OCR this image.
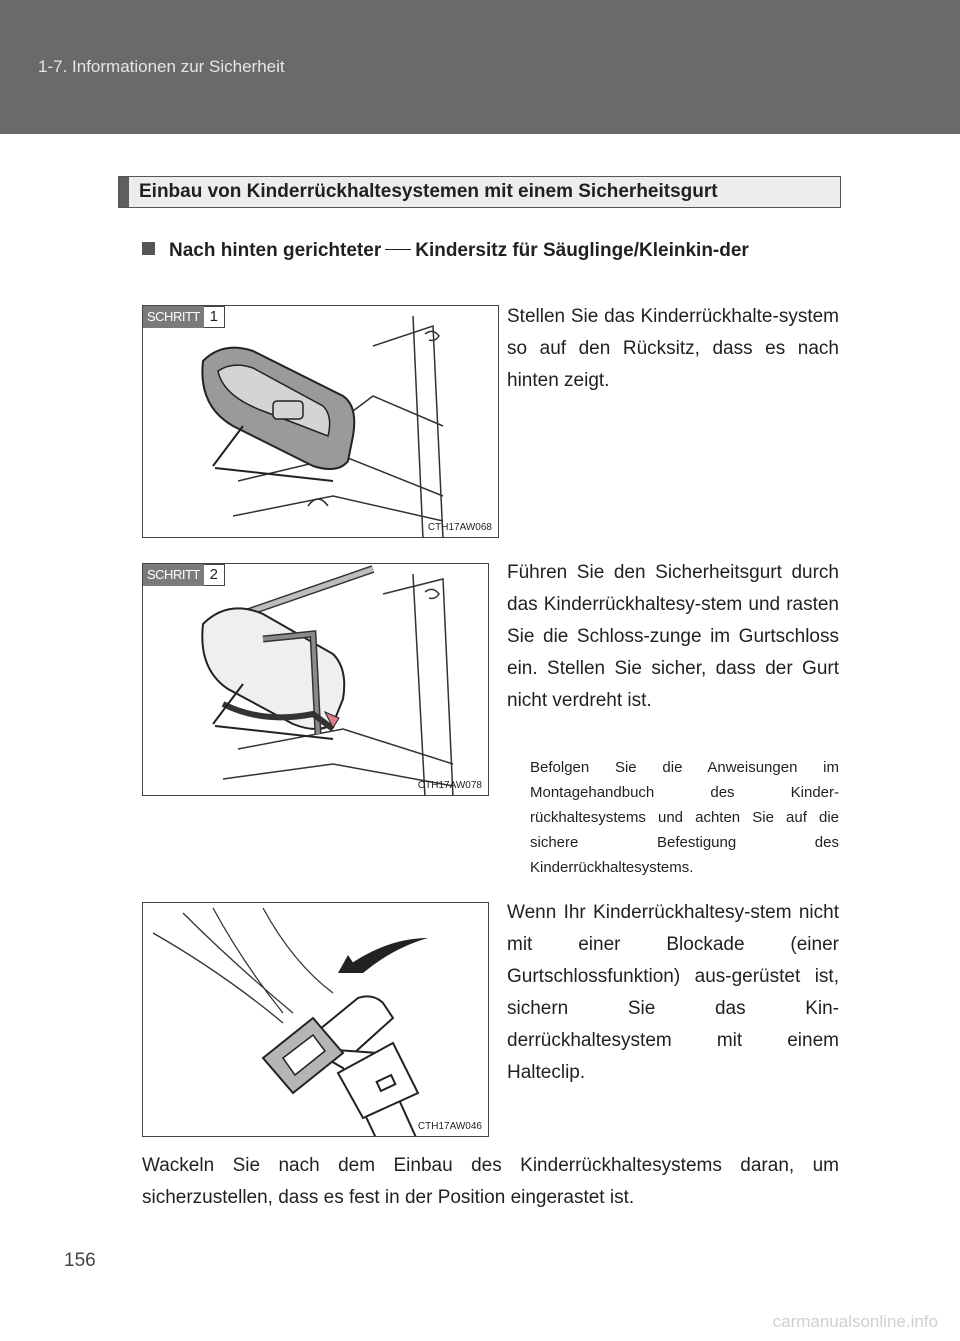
1-7. Informationen zur Sicherheit
Einbau von Kinderrückhaltesystemen mit einem Sicherheitsgurt
Nach hinten gerichteter Kindersitz für Säuglinge/Kleinkin-der
SCHRITT 1
CTH17AW068
Stellen Sie das Kinderrückhalte-system so auf den Rücksitz, dass es nach hinten zeigt.
SCHRITT 2
CTH17AW078
Führen Sie den Sicherheitsgurt durch das Kinderrückhaltesy-stem und rasten Sie die Schloss-zunge im Gurtschloss ein. Stellen Sie sicher, dass der Gurt nicht verdreht ist.
Befolgen Sie die Anweisungen im Montagehandbuch des Kinder-rückhaltesystems und achten Sie auf die sichere Befestigung des Kinderrückhaltesystems.
CTH17AW046
Wenn Ihr Kinderrückhaltesy-stem nicht mit einer Blockade (einer Gurtschlossfunktion) aus-gerüstet ist, sichern Sie das Kin-derrückhaltesystem mit einem Halteclip.
Wackeln Sie nach dem Einbau des Kinderrückhaltesystems daran, um sicherzustellen, dass es fest in der Position eingerastet ist.
156
carmanualsonline.info
